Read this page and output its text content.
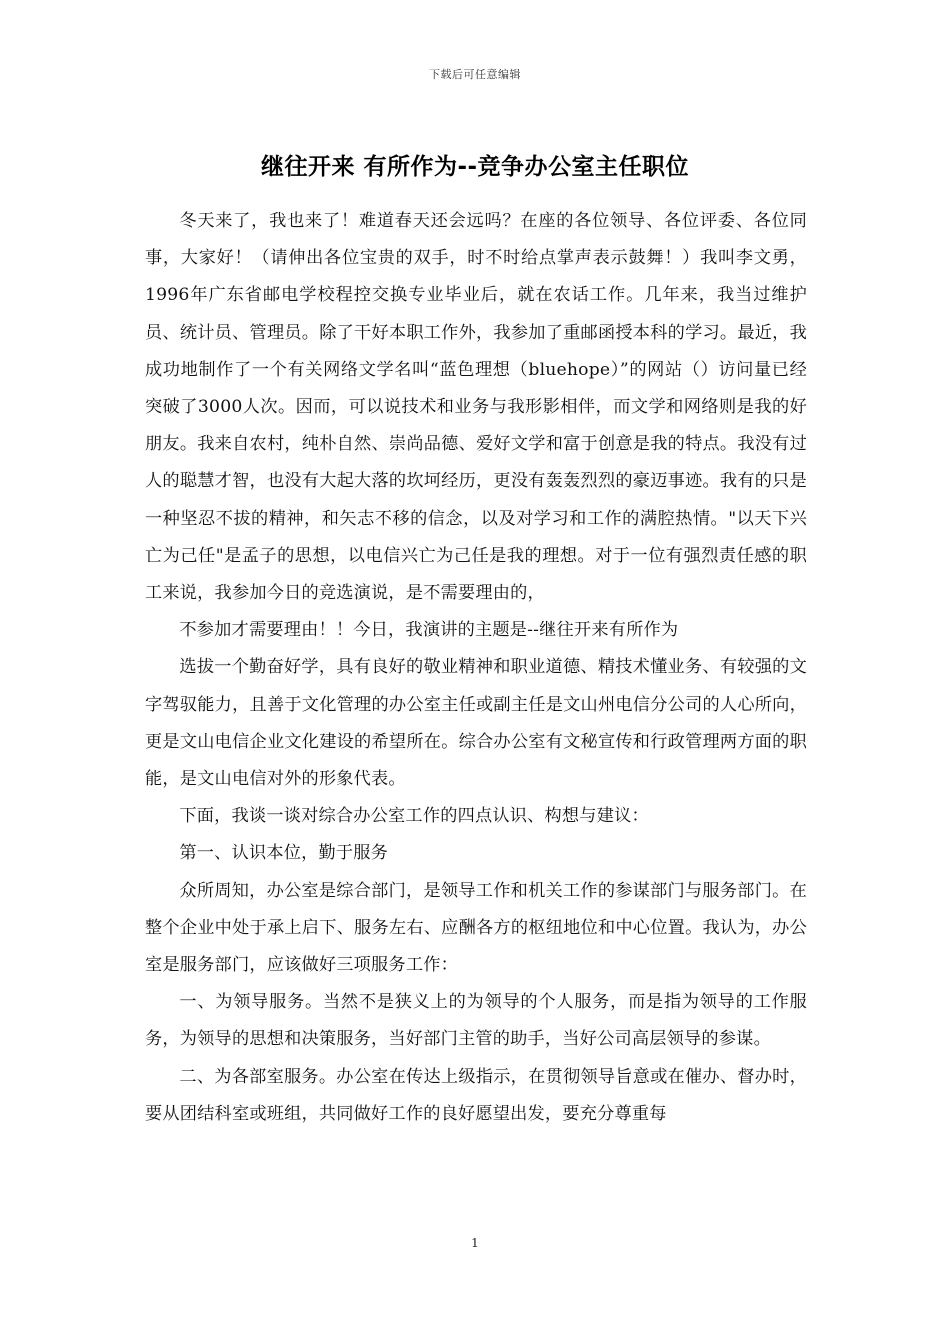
下载后可任意编辑
继往开来 有所作为--竞争办公室主任职位

冬天来了，我也来了！难道春天还会远吗？在座的各位领导、各位评委、各位同事，大家好！（请伸出各位宝贵的双手，时不时给点掌声表示鼓舞！）我叫李文勇，1996年广东省邮电学校程控交换专业毕业后，就在农话工作。几年来，我当过维护员、统计员、管理员。除了干好本职工作外，我参加了重邮函授本科的学习。最近，我成功地制作了一个有关网络文学名叫“蓝色理想（bluehope）”的网站（）访问量已经突破了3000人次。因而，可以说技术和业务与我形影相伴，而文学和网络则是我的好朋友。我来自农村，纯朴自然、崇尚品德、爱好文学和富于创意是我的特点。我没有过人的聪慧才智，也没有大起大落的坎坷经历，更没有轰轰烈烈的豪迈事迹。我有的只是一种坚忍不拔的精神，和矢志不移的信念，以及对学习和工作的满腔热情。"以天下兴亡为己任"是孟子的思想，以电信兴亡为己任是我的理想。对于一位有强烈责任感的职工来说，我参加今日的竞选演说，是不需要理由的，

不参加才需要理由！！今日，我演讲的主题是--继往开来有所作为

选拔一个勤奋好学，具有良好的敬业精神和职业道德、精技术懂业务、有较强的文字驾驭能力，且善于文化管理的办公室主任或副主任是文山州电信分公司的人心所向，更是文山电信企业文化建设的希望所在。综合办公室有文秘宣传和行政管理两方面的职能，是文山电信对外的形象代表。

下面，我谈一谈对综合办公室工作的四点认识、构想与建议：

第一、认识本位，勤于服务

众所周知，办公室是综合部门，是领导工作和机关工作的参谋部门与服务部门。在整个企业中处于承上启下、服务左右、应酬各方的枢纽地位和中心位置。我认为，办公室是服务部门，应该做好三项服务工作：

一、为领导服务。当然不是狭义上的为领导的个人服务，而是指为领导的工作服务，为领导的思想和决策服务，当好部门主管的助手，当好公司高层领导的参谋。

二、为各部室服务。办公室在传达上级指示，在贯彻领导旨意或在催办、督办时，要从团结科室或班组，共同做好工作的良好愿望出发，要充分尊重每

1
